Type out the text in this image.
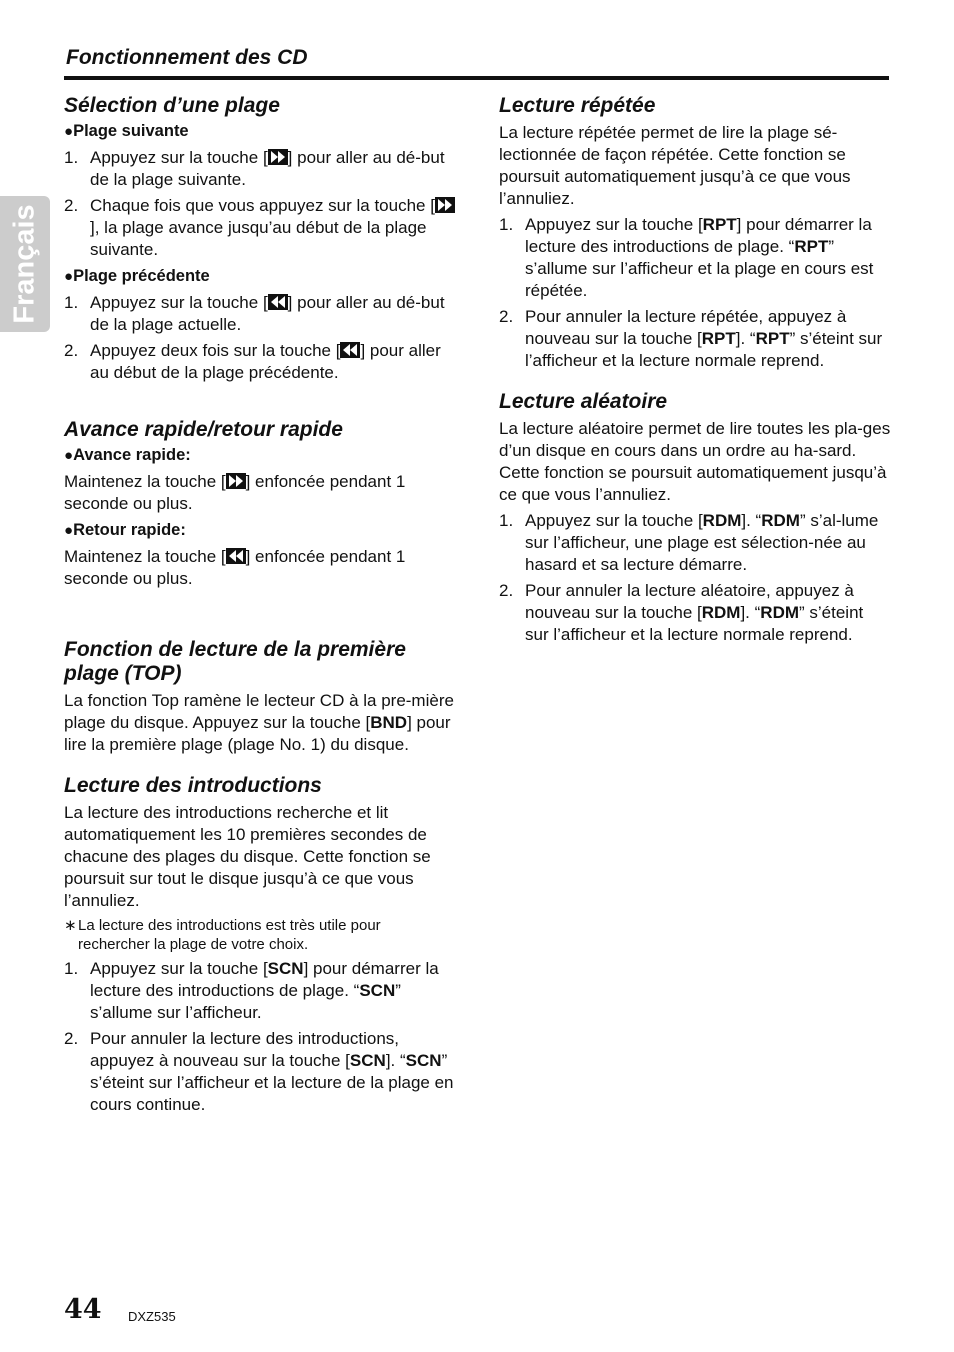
Fonctionnement des CD
Français
Sélection d’une plage
●Plage suivante
1. Appuyez sur la touche [ ] pour aller au dé-but de la plage suivante.
2. Chaque fois que vous appuyez sur la touche [], la plage avance jusqu’au début de la plage suivante.
●Plage précédente
1. Appuyez sur la touche [ ] pour aller au dé-but de la plage actuelle.
2. Appuyez deux fois sur la touche [ ] pour aller au début de la plage précédente.
Avance rapide/retour rapide
●Avance rapide:

Maintenez la touche [ ] enfoncée pendant 1 seconde ou plus.

●Retour rapide:

Maintenez la touche [ ] enfoncée pendant 1 seconde ou plus.

Fonction de lecture de la première plage (TOP)

La fonction Top ramène le lecteur CD à la pre-mière plage du disque. Appuyez sur la touche [BND] pour lire la première plage (plage No. 1) du disque.

Lecture des introductions

La lecture des introductions recherche et lit automatiquement les 10 premières secondes de chacune des plages du disque. Cette fonction se poursuit sur tout le disque jusqu’à ce que vous l’annuliez.

∗ La lecture des introductions est très utile pour rechercher la plage de votre choix.
1. Appuyez sur la touche [SCN] pour démarrer la lecture des introductions de plage. “SCN” s’allume sur l’afficheur.
2. Pour annuler la lecture des introductions, appuyez à nouveau sur la touche [SCN]. “SCN” s’éteint sur l’afficheur et la lecture de la plage en cours continue.
Lecture répétée

La lecture répétée permet de lire la plage sé-lectionnée de façon répétée. Cette fonction se poursuit automatiquement jusqu’à ce que vous l’annuliez.

1. Appuyez sur la touche [RPT] pour démarrer la lecture des introductions de plage. “RPT” s’allume sur l’afficheur et la plage en cours est répétée.
2. Pour annuler la lecture répétée, appuyez à nouveau sur la touche [RPT]. “RPT” s’éteint sur l’afficheur et la lecture normale reprend.
Lecture aléatoire

La lecture aléatoire permet de lire toutes les pla-ges d’un disque en cours dans un ordre au ha-sard. Cette fonction se poursuit automatiquement jusqu’à ce que vous l’annuliez.

1. Appuyez sur la touche [RDM]. “RDM” s’al-lume sur l’afficheur, une plage est sélection-née au hasard et sa lecture démarre.
2. Pour annuler la lecture aléatoire, appuyez à nouveau sur la touche [RDM]. “RDM” s’éteint sur l’afficheur et la lecture normale reprend.
44 DXZ535
